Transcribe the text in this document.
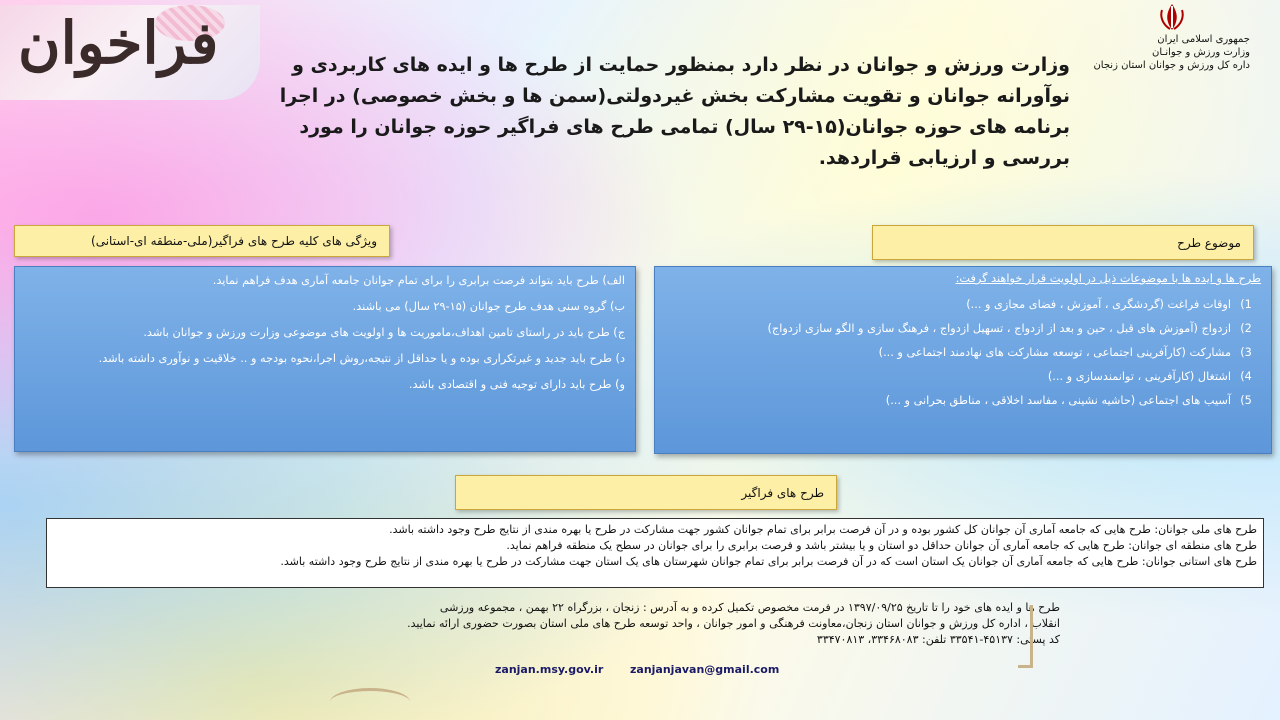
جمهوری اسلامی ایران
وزارت ورزش و جوانـان
داره کل ورزش و جوانان استان زنجان
فراخوان	وزارت ورزش و جوانان در نظر دارد بمنظور حمایت از طرح ها و ایده های کاربردی و نوآورانه جوانان و تقویت مشارکت بخش غیردولتی(سمن ها و بخش خصوصی) در اجرا برنامه های حوزه جوانان(۱۵-۲۹ سال) تمامی طرح های فراگیر حوزه جوانان را مورد بررسی و ارزیابی قراردهد.
ویژگی های کلیه طرح های فراگیر(ملی-منطقه ای-استانی)	موضوع طرح
الف) طرح باید بتواند فرصت برابری را برای تمام جوانان جامعه آماری هدف فراهم نماید.
ب) گروه سنی هدف طرح جوانان (۱۵-۲۹ سال) می باشند.
ج) طرح باید در راستای تامین اهداف،ماموریت ها و اولویت های موضوعی وزارت ورزش و جوانان باشد.
د) طرح باید جدید و غیرتکراری بوده و یا حداقل از نتیجه،روش اجرا،نحوه بودجه و .. خلاقیت و نوآوری داشته باشد.
و) طرح باید دارای توجیه فنی و اقتصادی باشد.
طرح ها و ایده ها با موضوعات ذیل در اولویت قرار خواهند گرفت:
1)
اوقات فراغت (گردشگری ، آموزش ، فضای مجازی و ...)
2)
ازدواج (آموزش های قبل ، حین و بعد از ازدواج ، تسهیل ازدواج ، فرهنگ سازی و الگو سازی ازدواج)
3)
مشارکت (کارآفرینی اجتماعی ، توسعه مشارکت های نهادمند اجتماعی و ...)
4)
اشتغال (کارآفرینی ، توانمندسازی و ...)
5)
آسیب های اجتماعی (حاشیه نشینی ، مفاسد اخلاقی ، مناطق بحرانی و ...)
طرح های فراگیر
طرح های ملی جوانان: طرح هایی که جامعه آماری آن جوانان کل کشور بوده و در آن فرصت برابر برای تمام جوانان کشور جهت مشارکت در طرح یا بهره مندی از نتایج طرح وجود داشته باشد.
طرح های منطقه ای جوانان: طرح هایی که جامعه آماری آن جوانان حداقل دو استان و یا بیشتر باشد و فرصت برابری را برای جوانان در سطح یک منطقه فراهم نماید.
طرح های استانی جوانان: طرح هایی که جامعه آماری آن جوانان یک استان است که در آن فرصت برابر برای تمام جوانان شهرستان های یک استان جهت مشارکت در طرح یا بهره مندی از نتایج طرح وجود داشته باشد.
طرح ها و ایده های خود را تا تاریخ ۱۳۹۷/۰۹/۲۵ در فرمت مخصوص تکمیل کرده و به آدرس : زنجان ، بزرگراه ۲۲ بهمن ، مجموعه ورزشی
انقلاب ، اداره کل ورزش و جوانان استان زنجان،معاونت فرهنگی و امور جوانان ، واحد توسعه طرح های ملی استان بصورت حضوری ارائه نمایید.
کد پستی: ۴۵۱۳۷-۳۳۵۴۱ تلفن: ۳۳۴۶۸۰۸۳، ۳۳۴۷۰۸۱۳
zanjan.msy.gov.ir zanjanjavan@gmail.com
